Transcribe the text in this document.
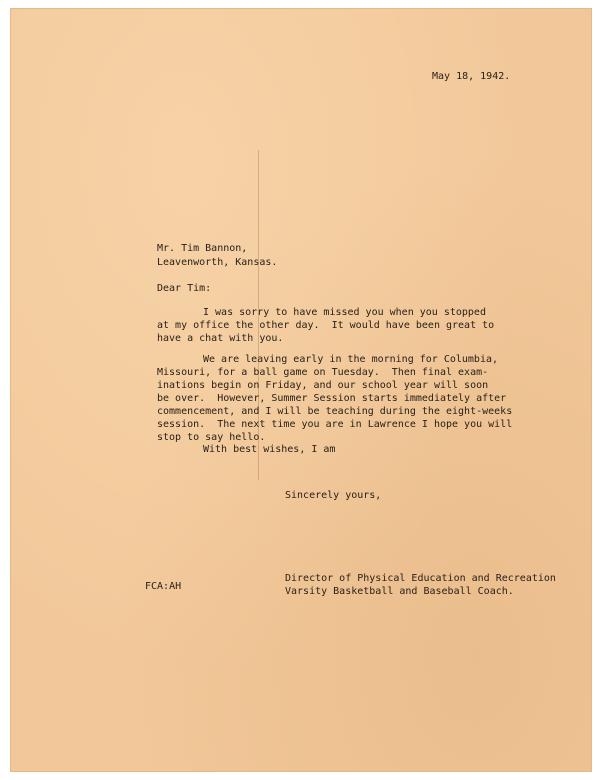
May 18, 1942.
Mr. Tim Bannon,
Leavenworth, Kansas.
Dear Tim:
I was sorry to have missed you when you stopped
at my office the other day.  It would have been great to
have a chat with you.
We are leaving early in the morning for Columbia,
Missouri, for a ball game on Tuesday.  Then final exam-
inations begin on Friday, and our school year will soon
be over.  However, Summer Session starts immediately after
commencement, and I will be teaching during the eight-weeks
session.  The next time you are in Lawrence I hope you will
stop to say hello.
With best wishes, I am
Sincerely yours,
FCA:AH
Director of Physical Education and Recreation
Varsity Basketball and Baseball Coach.
